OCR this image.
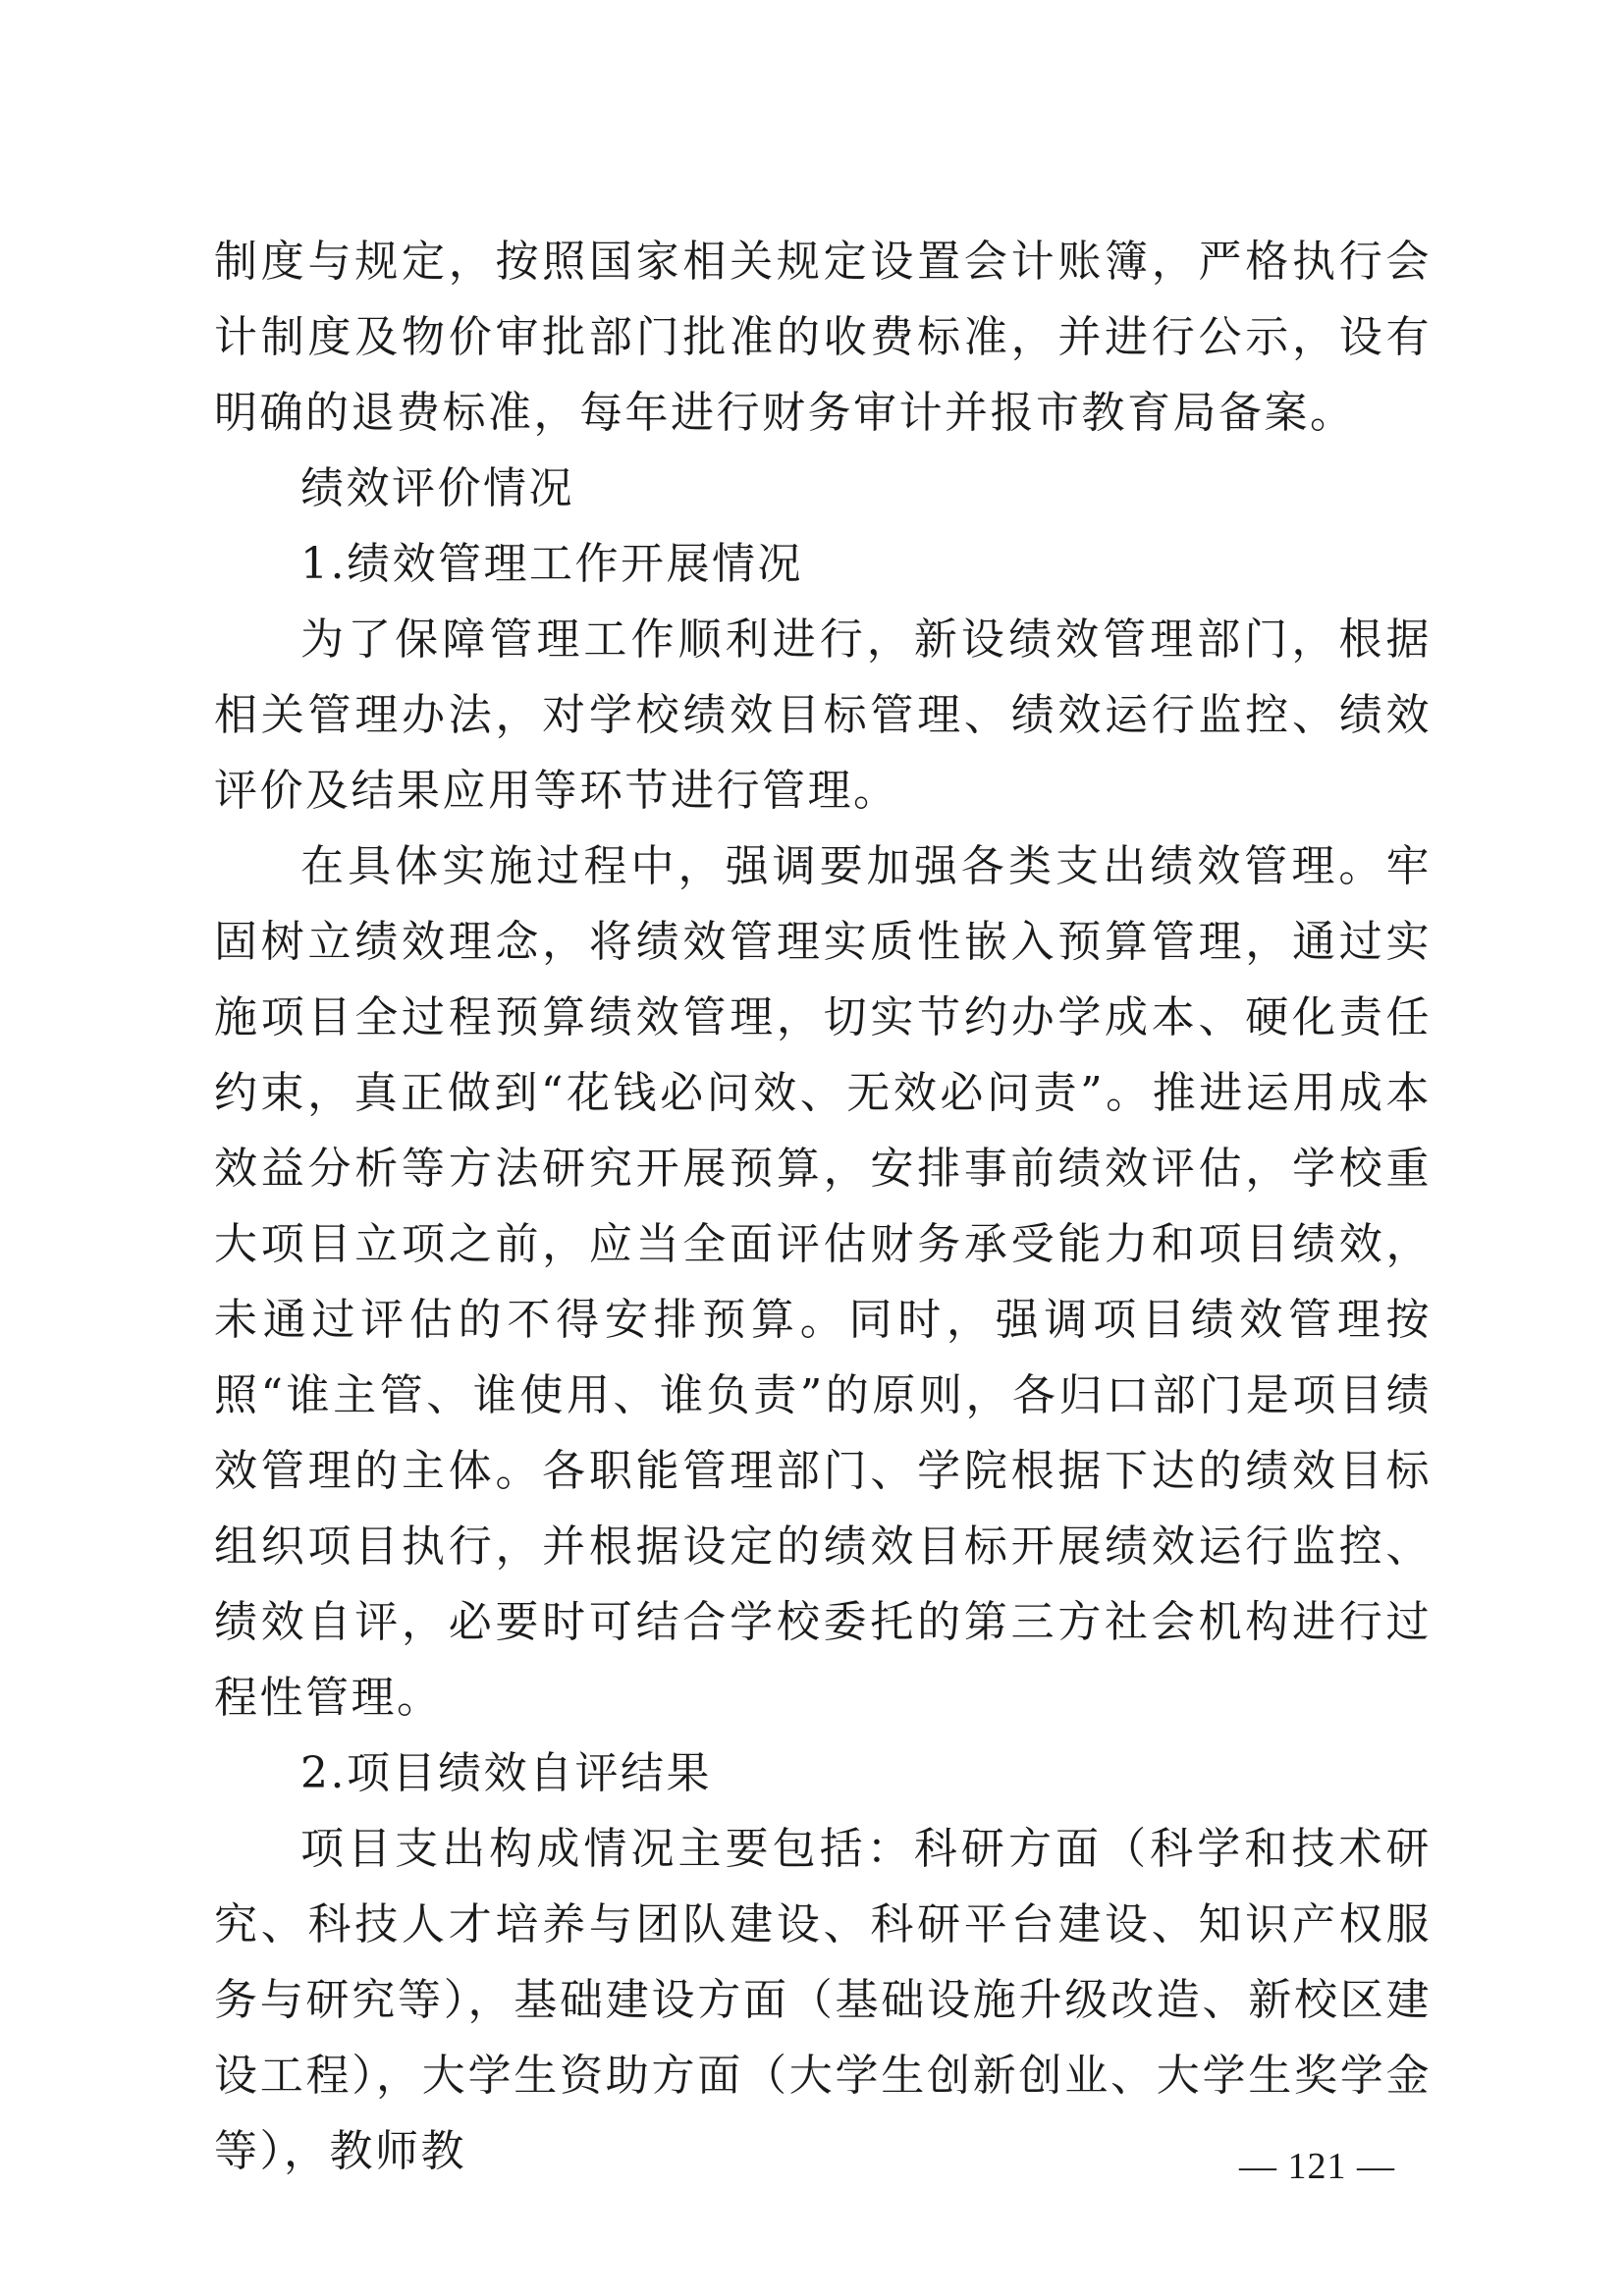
制度与规定，按照国家相关规定设置会计账簿，严格执行会计制度及物价审批部门批准的收费标准，并进行公示，设有明确的退费标准，每年进行财务审计并报市教育局备案。

绩效评价情况

1.绩效管理工作开展情况

为了保障管理工作顺利进行，新设绩效管理部门，根据相关管理办法，对学校绩效目标管理、绩效运行监控、绩效评价及结果应用等环节进行管理。

在具体实施过程中，强调要加强各类支出绩效管理。牢固树立绩效理念，将绩效管理实质性嵌入预算管理，通过实施项目全过程预算绩效管理，切实节约办学成本、硬化责任约束，真正做到“花钱必问效、无效必问责”。推进运用成本效益分析等方法研究开展预算，安排事前绩效评估，学校重大项目立项之前，应当全面评估财务承受能力和项目绩效，未通过评估的不得安排预算。同时，强调项目绩效管理按照“谁主管、谁使用、谁负责”的原则，各归口部门是项目绩效管理的主体。各职能管理部门、学院根据下达的绩效目标组织项目执行，并根据设定的绩效目标开展绩效运行监控、绩效自评，必要时可结合学校委托的第三方社会机构进行过程性管理。

2.项目绩效自评结果

项目支出构成情况主要包括：科研方面（科学和技术研究、科技人才培养与团队建设、科研平台建设、知识产权服务与研究等），基础建设方面（基础设施升级改造、新校区建设工程），大学生资助方面（大学生创新创业、大学生奖学金等），教师教	— 121 —
